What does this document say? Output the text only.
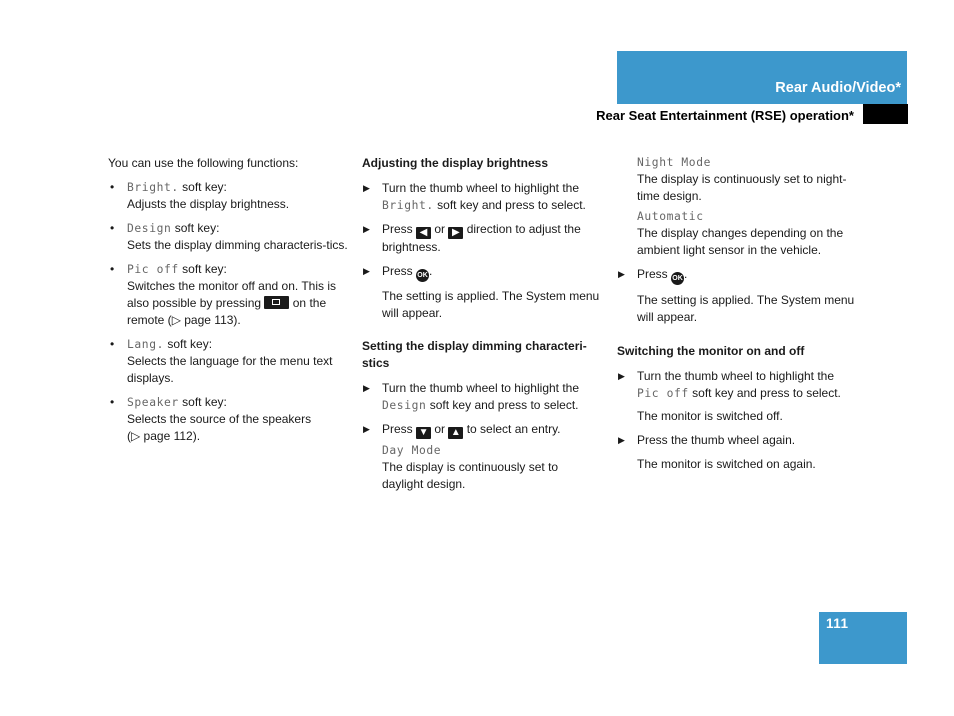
Rear Audio/Video*
Rear Seat Entertainment (RSE) operation*

You can use the following functions:

• Bright. soft key:
Adjusts the display brightness.
• Design soft key:
Sets the display dimming characteris-tics.
• Pic off soft key:
Switches the monitor off and on. This is also possible by pressing  on the remote (▷ page 113).
• Lang. soft key:
Selects the language for the menu text displays.
• Speaker soft key:
Selects the source of the speakers
(▷ page 112).

Adjusting the display brightness

▶ Turn the thumb wheel to highlight the
Bright. soft key and press to select.
▶ Press ◀ or ▶ direction to adjust the brightness.
▶ Press OK.
The setting is applied. The System menu will appear.

Setting the display dimming characteri-stics

▶ Turn the thumb wheel to highlight the
Design soft key and press to select.
▶ Press ▼ or ▲ to select an entry.
Day Mode
The display is continuously set to daylight design.
Night Mode
The display is continuously set to night-time design.
Automatic
The display changes depending on the ambient light sensor in the vehicle.
▶ Press OK.
The setting is applied. The System menu will appear.

Switching the monitor on and off

▶ Turn the thumb wheel to highlight the
Pic off soft key and press to select.
The monitor is switched off.
▶ Press the thumb wheel again.
The monitor is switched on again.
111
